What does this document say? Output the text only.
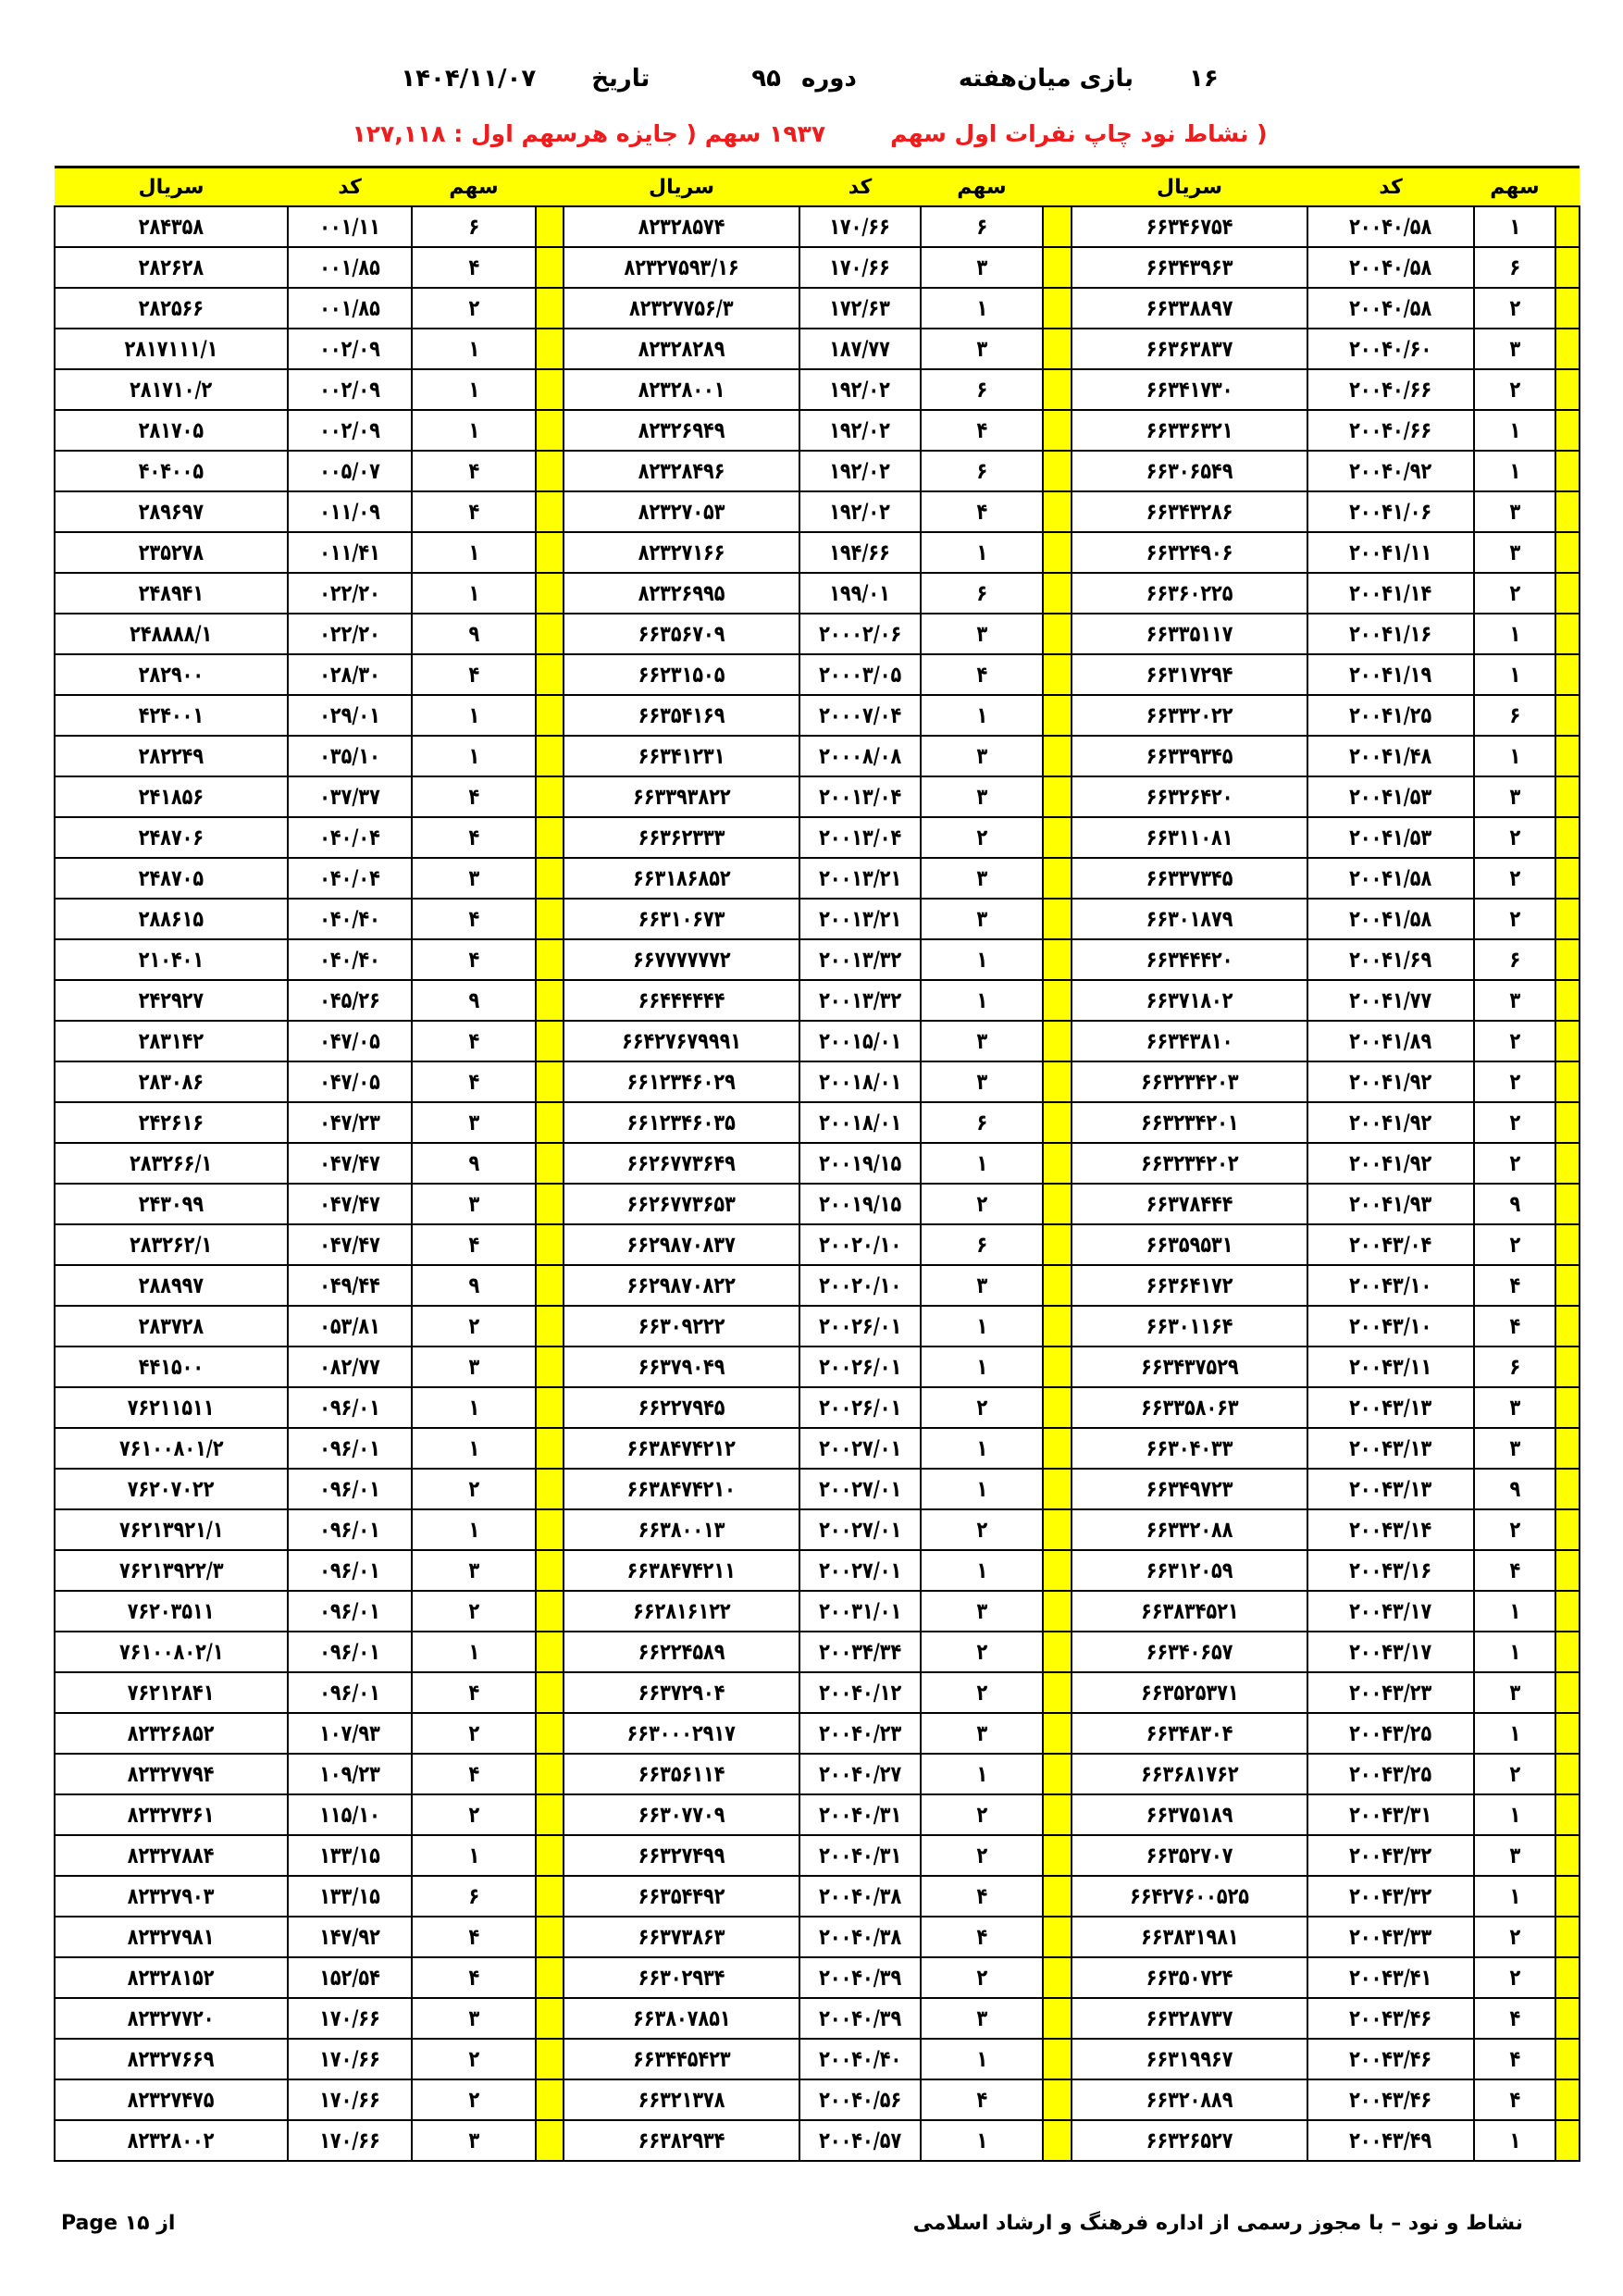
۱۶
بازی میان‌هفته
دوره
۹۵
تاریخ
۱۴۰۴/۱۱/۰۷
( نشاط نود چاپ نفرات اول سهم
۱۹۳۷ سهم ( جایزه هرسهم اول : ۱۲۷,۱۱۸
سریال	کد	سهم		سریال	کد	سهم		سریال	کد	سهم	
۲۸۴۳۵۸	۰۰۱/۱۱	۶		۸۲۳۲۸۵۷۴	۱۷۰/۶۶	۶		۶۶۳۴۶۷۵۴	۲۰۰۴۰/۵۸	۱	
۲۸۲۶۲۸	۰۰۱/۸۵	۴		۸۲۳۲۷۵۹۳/۱۶	۱۷۰/۶۶	۳		۶۶۳۴۳۹۶۳	۲۰۰۴۰/۵۸	۶	
۲۸۲۵۶۶	۰۰۱/۸۵	۲		۸۲۳۲۷۷۵۶/۳	۱۷۲/۶۳	۱		۶۶۳۳۸۸۹۷	۲۰۰۴۰/۵۸	۲	
۲۸۱۷۱۱۱/۱	۰۰۲/۰۹	۱		۸۲۳۲۸۲۸۹	۱۸۷/۷۷	۳		۶۶۳۶۳۸۳۷	۲۰۰۴۰/۶۰	۳	
۲۸۱۷۱۰/۲	۰۰۲/۰۹	۱		۸۲۳۲۸۰۰۱	۱۹۲/۰۲	۶		۶۶۳۴۱۷۳۰	۲۰۰۴۰/۶۶	۲	
۲۸۱۷۰۵	۰۰۲/۰۹	۱		۸۲۳۲۶۹۴۹	۱۹۲/۰۲	۴		۶۶۳۳۶۳۲۱	۲۰۰۴۰/۶۶	۱	
۴۰۴۰۰۵	۰۰۵/۰۷	۴		۸۲۳۲۸۴۹۶	۱۹۲/۰۲	۶		۶۶۳۰۶۵۴۹	۲۰۰۴۰/۹۲	۱	
۲۸۹۶۹۷	۰۱۱/۰۹	۴		۸۲۳۲۷۰۵۳	۱۹۲/۰۲	۴		۶۶۳۴۳۲۸۶	۲۰۰۴۱/۰۶	۳	
۲۳۵۲۷۸	۰۱۱/۴۱	۱		۸۲۳۲۷۱۶۶	۱۹۴/۶۶	۱		۶۶۳۲۴۹۰۶	۲۰۰۴۱/۱۱	۳	
۲۴۸۹۴۱	۰۲۲/۲۰	۱		۸۲۳۲۶۹۹۵	۱۹۹/۰۱	۶		۶۶۳۶۰۲۲۵	۲۰۰۴۱/۱۴	۲	
۲۴۸۸۸۸/۱	۰۲۲/۲۰	۹		۶۶۳۵۶۷۰۹	۲۰۰۰۲/۰۶	۳		۶۶۳۳۵۱۱۷	۲۰۰۴۱/۱۶	۱	
۲۸۲۹۰۰	۰۲۸/۳۰	۴		۶۶۲۳۱۵۰۵	۲۰۰۰۳/۰۵	۴		۶۶۳۱۷۲۹۴	۲۰۰۴۱/۱۹	۱	
۴۲۴۰۰۱	۰۲۹/۰۱	۱		۶۶۳۵۴۱۶۹	۲۰۰۰۷/۰۴	۱		۶۶۳۳۲۰۲۲	۲۰۰۴۱/۲۵	۶	
۲۸۲۲۴۹	۰۳۵/۱۰	۱		۶۶۳۴۱۲۳۱	۲۰۰۰۸/۰۸	۳		۶۶۳۳۹۳۴۵	۲۰۰۴۱/۴۸	۱	
۲۴۱۸۵۶	۰۳۷/۳۷	۴		۶۶۳۳۹۳۸۲۲	۲۰۰۱۳/۰۴	۳		۶۶۳۲۶۴۲۰	۲۰۰۴۱/۵۳	۳	
۲۴۸۷۰۶	۰۴۰/۰۴	۴		۶۶۳۶۲۳۳۳	۲۰۰۱۳/۰۴	۲		۶۶۳۱۱۰۸۱	۲۰۰۴۱/۵۳	۲	
۲۴۸۷۰۵	۰۴۰/۰۴	۳		۶۶۳۱۸۶۸۵۲	۲۰۰۱۳/۲۱	۳		۶۶۳۳۷۳۴۵	۲۰۰۴۱/۵۸	۲	
۲۸۸۶۱۵	۰۴۰/۴۰	۴		۶۶۳۱۰۶۷۳	۲۰۰۱۳/۲۱	۳		۶۶۳۰۱۸۷۹	۲۰۰۴۱/۵۸	۲	
۲۱۰۴۰۱	۰۴۰/۴۰	۴		۶۶۷۷۷۷۷۷۲	۲۰۰۱۳/۳۲	۱		۶۶۳۴۴۴۲۰	۲۰۰۴۱/۶۹	۶	
۲۴۲۹۲۷	۰۴۵/۲۶	۹		۶۶۴۴۴۴۴۴	۲۰۰۱۳/۳۲	۱		۶۶۳۷۱۸۰۲	۲۰۰۴۱/۷۷	۳	
۲۸۳۱۴۲	۰۴۷/۰۵	۴		۶۶۴۲۷۶۷۹۹۹۱	۲۰۰۱۵/۰۱	۳		۶۶۳۴۳۸۱۰	۲۰۰۴۱/۸۹	۲	
۲۸۳۰۸۶	۰۴۷/۰۵	۴		۶۶۱۲۳۴۶۰۲۹	۲۰۰۱۸/۰۱	۳		۶۶۳۲۳۴۲۰۳	۲۰۰۴۱/۹۲	۲	
۲۴۲۶۱۶	۰۴۷/۲۳	۳		۶۶۱۲۳۴۶۰۳۵	۲۰۰۱۸/۰۱	۶		۶۶۳۲۳۴۲۰۱	۲۰۰۴۱/۹۲	۲	
۲۸۳۲۶۶/۱	۰۴۷/۴۷	۹		۶۶۲۶۷۷۳۶۴۹	۲۰۰۱۹/۱۵	۱		۶۶۳۲۳۴۲۰۲	۲۰۰۴۱/۹۲	۲	
۲۴۳۰۹۹	۰۴۷/۴۷	۳		۶۶۲۶۷۷۳۶۵۳	۲۰۰۱۹/۱۵	۲		۶۶۳۷۸۴۴۴	۲۰۰۴۱/۹۳	۹	
۲۸۳۲۶۲/۱	۰۴۷/۴۷	۴		۶۶۲۹۸۷۰۸۳۷	۲۰۰۲۰/۱۰	۶		۶۶۳۵۹۵۳۱	۲۰۰۴۳/۰۴	۲	
۲۸۸۹۹۷	۰۴۹/۴۴	۹		۶۶۲۹۸۷۰۸۲۲	۲۰۰۲۰/۱۰	۳		۶۶۳۶۴۱۷۲	۲۰۰۴۳/۱۰	۴	
۲۸۳۷۲۸	۰۵۳/۸۱	۲		۶۶۳۰۹۲۲۲	۲۰۰۲۶/۰۱	۱		۶۶۳۰۱۱۶۴	۲۰۰۴۳/۱۰	۴	
۴۴۱۵۰۰	۰۸۲/۷۷	۳		۶۶۳۷۹۰۴۹	۲۰۰۲۶/۰۱	۱		۶۶۳۴۳۷۵۲۹	۲۰۰۴۳/۱۱	۶	
۷۶۲۱۱۵۱۱	۰۹۶/۰۱	۱		۶۶۲۲۷۹۴۵	۲۰۰۲۶/۰۱	۲		۶۶۳۳۵۸۰۶۳	۲۰۰۴۳/۱۳	۳	
۷۶۱۰۰۸۰۱/۲	۰۹۶/۰۱	۱		۶۶۳۸۴۷۴۲۱۲	۲۰۰۲۷/۰۱	۱		۶۶۳۰۴۰۳۳	۲۰۰۴۳/۱۳	۳	
۷۶۲۰۷۰۲۲	۰۹۶/۰۱	۲		۶۶۳۸۴۷۴۲۱۰	۲۰۰۲۷/۰۱	۱		۶۶۳۴۹۷۲۳	۲۰۰۴۳/۱۳	۹	
۷۶۲۱۳۹۲۱/۱	۰۹۶/۰۱	۱		۶۶۳۸۰۰۱۳	۲۰۰۲۷/۰۱	۲		۶۶۳۳۲۰۸۸	۲۰۰۴۳/۱۴	۲	
۷۶۲۱۳۹۲۲/۳	۰۹۶/۰۱	۳		۶۶۳۸۴۷۴۲۱۱	۲۰۰۲۷/۰۱	۱		۶۶۳۱۲۰۵۹	۲۰۰۴۳/۱۶	۴	
۷۶۲۰۳۵۱۱	۰۹۶/۰۱	۲		۶۶۲۸۱۶۱۲۲	۲۰۰۳۱/۰۱	۳		۶۶۳۸۳۴۵۲۱	۲۰۰۴۳/۱۷	۱	
۷۶۱۰۰۸۰۲/۱	۰۹۶/۰۱	۱		۶۶۲۲۴۵۸۹	۲۰۰۳۴/۳۴	۲		۶۶۳۴۰۶۵۷	۲۰۰۴۳/۱۷	۱	
۷۶۲۱۲۸۴۱	۰۹۶/۰۱	۴		۶۶۳۷۲۹۰۴	۲۰۰۴۰/۱۲	۲		۶۶۳۵۲۵۳۷۱	۲۰۰۴۳/۲۳	۳	
۸۲۳۲۶۸۵۲	۱۰۷/۹۳	۲		۶۶۳۰۰۰۲۹۱۷	۲۰۰۴۰/۲۳	۳		۶۶۳۴۸۳۰۴	۲۰۰۴۳/۲۵	۱	
۸۲۳۲۷۷۹۴	۱۰۹/۲۳	۴		۶۶۳۵۶۱۱۴	۲۰۰۴۰/۲۷	۱		۶۶۳۶۸۱۷۶۲	۲۰۰۴۳/۲۵	۲	
۸۲۳۲۷۳۶۱	۱۱۵/۱۰	۲		۶۶۳۰۷۷۰۹	۲۰۰۴۰/۳۱	۲		۶۶۳۷۵۱۸۹	۲۰۰۴۳/۳۱	۱	
۸۲۳۲۷۸۸۴	۱۳۳/۱۵	۱		۶۶۳۲۷۴۹۹	۲۰۰۴۰/۳۱	۲		۶۶۳۵۲۷۰۷	۲۰۰۴۳/۳۲	۳	
۸۲۳۲۷۹۰۳	۱۳۳/۱۵	۶		۶۶۳۵۴۴۹۲	۲۰۰۴۰/۳۸	۴		۶۶۴۲۷۶۰۰۵۲۵	۲۰۰۴۳/۳۲	۱	
۸۲۳۲۷۹۸۱	۱۴۷/۹۲	۴		۶۶۳۷۳۸۶۳	۲۰۰۴۰/۳۸	۴		۶۶۳۸۳۱۹۸۱	۲۰۰۴۳/۳۳	۲	
۸۲۳۲۸۱۵۲	۱۵۲/۵۴	۴		۶۶۳۰۲۹۳۴	۲۰۰۴۰/۳۹	۲		۶۶۳۵۰۷۲۴	۲۰۰۴۳/۴۱	۲	
۸۲۳۲۷۷۲۰	۱۷۰/۶۶	۳		۶۶۳۸۰۷۸۵۱	۲۰۰۴۰/۳۹	۳		۶۶۳۲۸۷۳۷	۲۰۰۴۳/۴۶	۴	
۸۲۳۲۷۶۶۹	۱۷۰/۶۶	۲		۶۶۳۴۴۵۴۲۳	۲۰۰۴۰/۴۰	۱		۶۶۳۱۹۹۶۷	۲۰۰۴۳/۴۶	۴	
۸۲۳۲۷۴۷۵	۱۷۰/۶۶	۲		۶۶۳۲۱۳۷۸	۲۰۰۴۰/۵۶	۴		۶۶۳۲۰۸۸۹	۲۰۰۴۳/۴۶	۴	
۸۲۳۲۸۰۰۲	۱۷۰/۶۶	۳		۶۶۳۸۲۹۳۴	۲۰۰۴۰/۵۷	۱		۶۶۳۲۶۵۲۷	۲۰۰۴۳/۴۹	۱	
Page ۱۵ از	نشاط و نود – با مجوز رسمی از اداره فرهنگ و ارشاد اسلامی
